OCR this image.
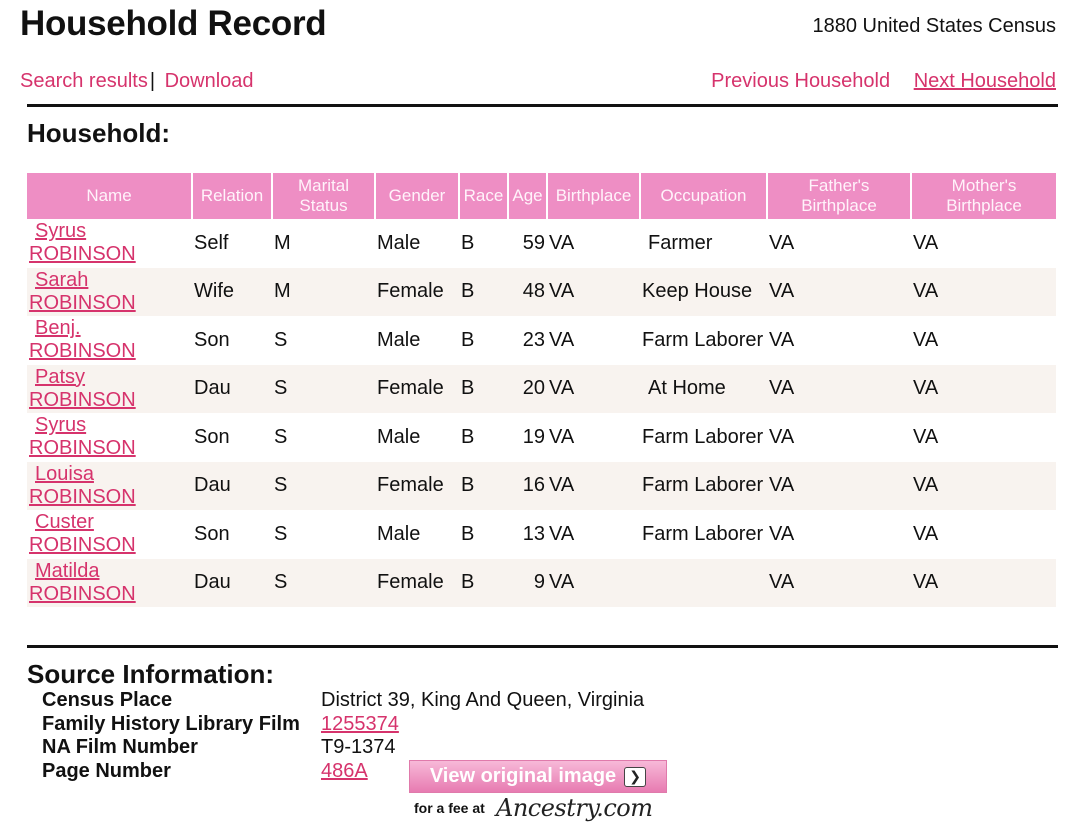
Household Record	1880 United States Census
Search results | Download	Previous Household Next Household
Household:
Name	Relation	Marital Status	Gender	Race	Age	Birthplace	Occupation	Father's Birthplace	Mother's Birthplace

Syrus
ROBINSON	Self	M	Male	B	59	VA	Farmer	VA	VA

Sarah
ROBINSON	Wife	M	Female	B	48	VA	Keep House	VA	VA

Benj.
ROBINSON	Son	S	Male	B	23	VA	Farm Laborer	VA	VA

Patsy
ROBINSON	Dau	S	Female	B	20	VA	At Home	VA	VA

Syrus
ROBINSON	Son	S	Male	B	19	VA	Farm Laborer	VA	VA

Louisa
ROBINSON	Dau	S	Female	B	16	VA	Farm Laborer	VA	VA

Custer
ROBINSON	Son	S	Male	B	13	VA	Farm Laborer	VA	VA

Matilda
ROBINSON	Dau	S	Female	B	9	VA		VA	VA
Source Information:
Census Place	District 39, King And Queen, Virginia
Family History Library Film	1255374
NA Film Number	T9-1374
Page Number	486A	View original image ❯
for a fee at Ancestry.com
